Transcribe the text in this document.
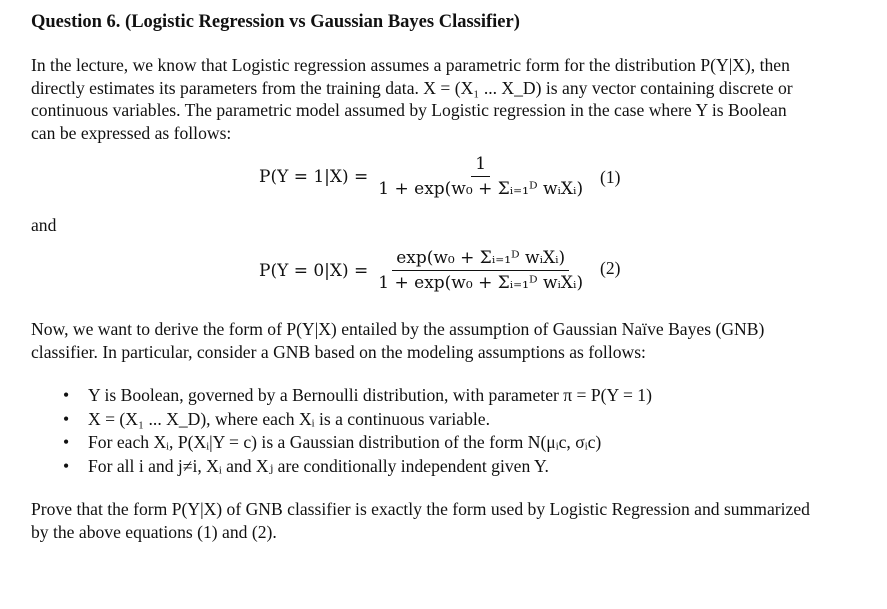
Question 6. (Logistic Regression vs Gaussian Bayes Classifier)

In the lecture, we know that Logistic regression assumes a parametric form for the distribution P(Y|X), then

directly estimates its parameters from the training data. X = (X₁ ... X_D) is any vector containing discrete or

continuous variables. The parametric model assumed by Logistic regression in the case where Y is Boolean

can be expressed as follows:

$P(Y = 1|X) = \frac{1}{\text{1 + exp(w₀ + Σᵢ₌₁ᴰ wᵢXᵢ)}} (1)$

and

$P(Y = 0|X) = \frac{\text{exp(w₀ + Σᵢ₌₁ᴰ wᵢXᵢ)}}{\text{1 + exp(w₀ + Σᵢ₌₁ᴰ wᵢXᵢ)}} (2)$

Now, we want to derive the form of P(Y|X) entailed by the assumption of Gaussian Naïve Bayes (GNB)

classifier. In particular, consider a GNB based on the modeling assumptions as follows:

• Y is Boolean, governed by a Bernoulli distribution, with parameter π = P(Y = 1)
• X = (X₁ ... X_D), where each Xᵢ is a continuous variable.
• For each Xᵢ, P(Xᵢ|Y = c) is a Gaussian distribution of the form N(μᵢc, σᵢc)
• For all i and j≠i, Xᵢ and Xⱼ are conditionally independent given Y.

Prove that the form P(Y|X) of GNB classifier is exactly the form used by Logistic Regression and summarized

by the above equations (1) and (2).
